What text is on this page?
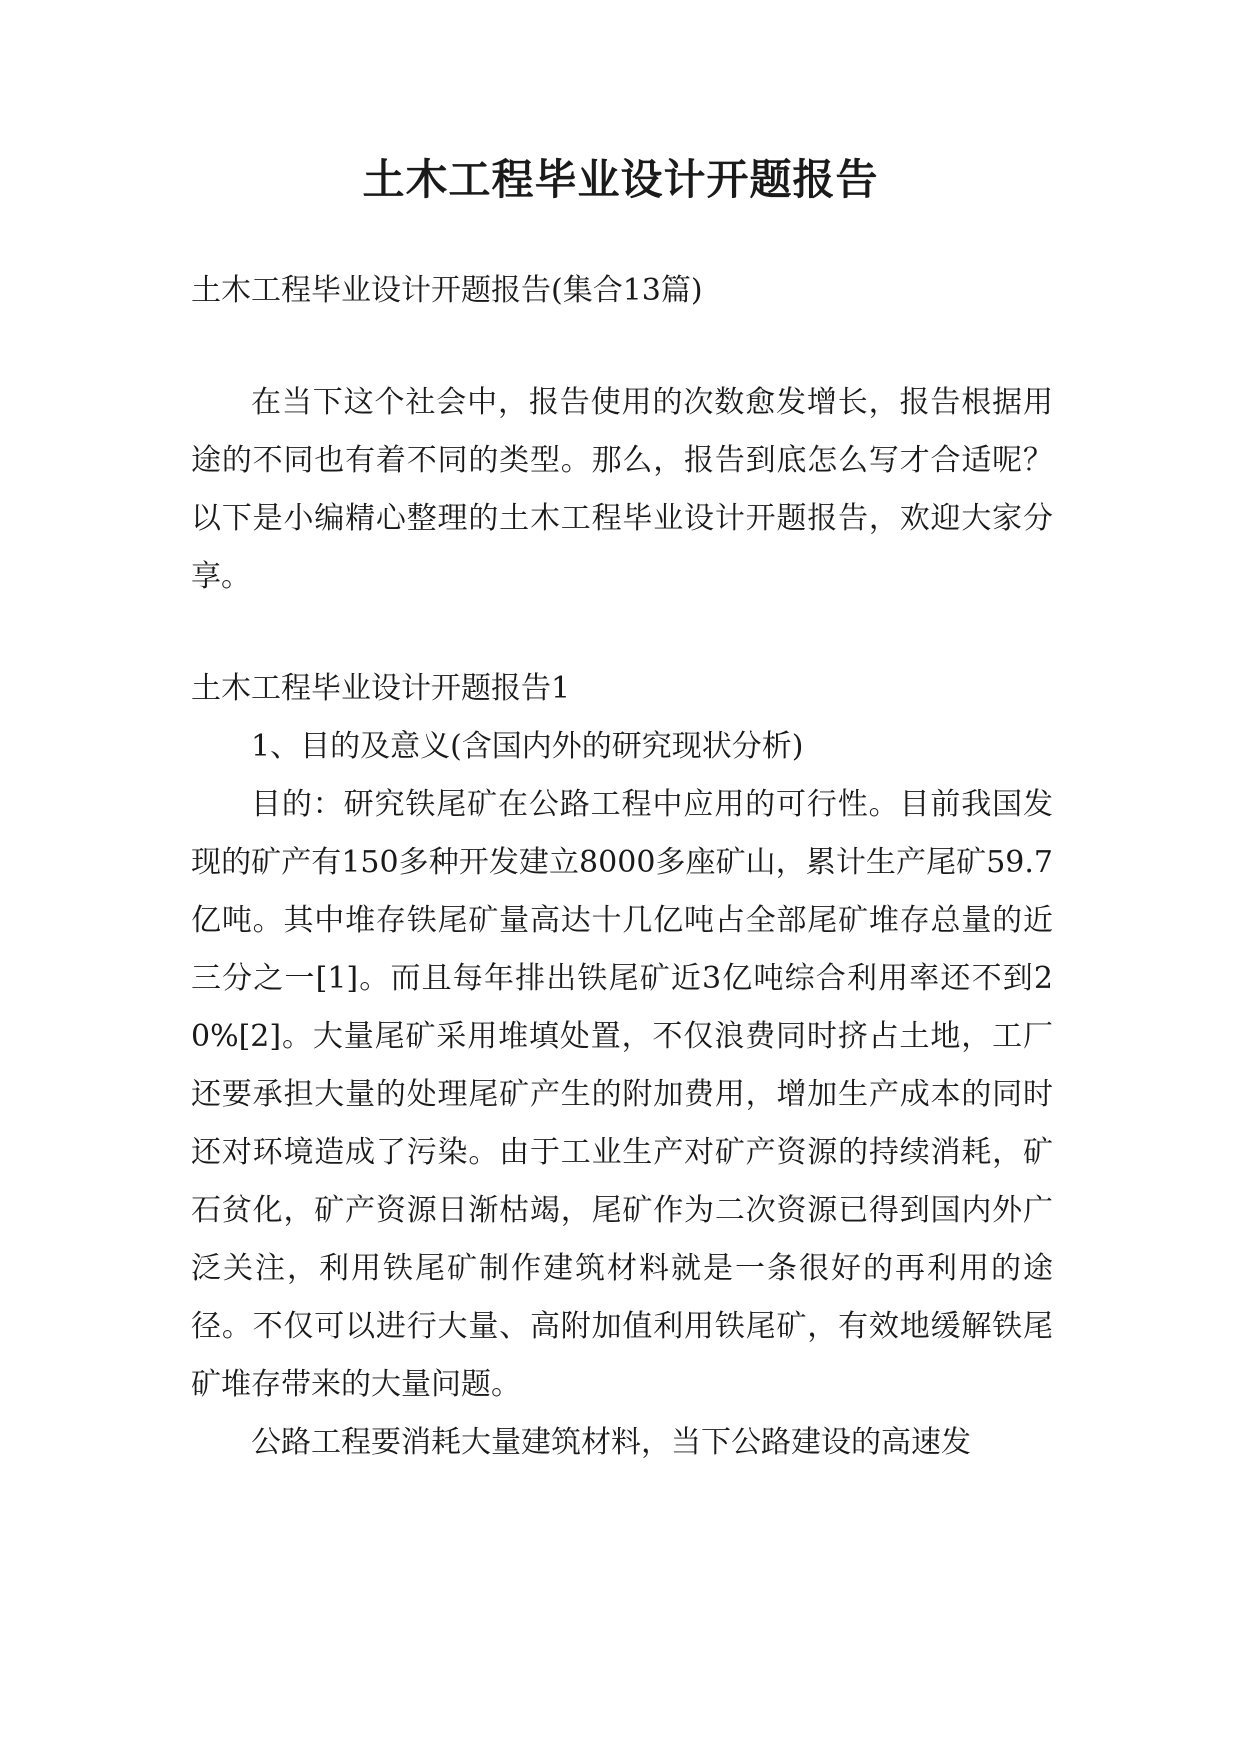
土木工程毕业设计开题报告

土木工程毕业设计开题报告(集合13篇)

在当下这个社会中，报告使用的次数愈发增长，报告根据用途的不同也有着不同的类型。那么，报告到底怎么写才合适呢？以下是小编精心整理的土木工程毕业设计开题报告，欢迎大家分享。

土木工程毕业设计开题报告1

1、目的及意义(含国内外的研究现状分析)

目的：研究铁尾矿在公路工程中应用的可行性。目前我国发现的矿产有150多种开发建立8000多座矿山，累计生产尾矿59.7亿吨。其中堆存铁尾矿量高达十几亿吨占全部尾矿堆存总量的近三分之一[1]。而且每年排出铁尾矿近3亿吨综合利用率还不到20%[2]。大量尾矿采用堆填处置，不仅浪费同时挤占土地，工厂还要承担大量的处理尾矿产生的附加费用，增加生产成本的同时还对环境造成了污染。由于工业生产对矿产资源的持续消耗，矿石贫化，矿产资源日渐枯竭，尾矿作为二次资源已得到国内外广泛关注，利用铁尾矿制作建筑材料就是一条很好的再利用的途径。不仅可以进行大量、高附加值利用铁尾矿，有效地缓解铁尾矿堆存带来的大量问题。

公路工程要消耗大量建筑材料，当下公路建设的高速发
